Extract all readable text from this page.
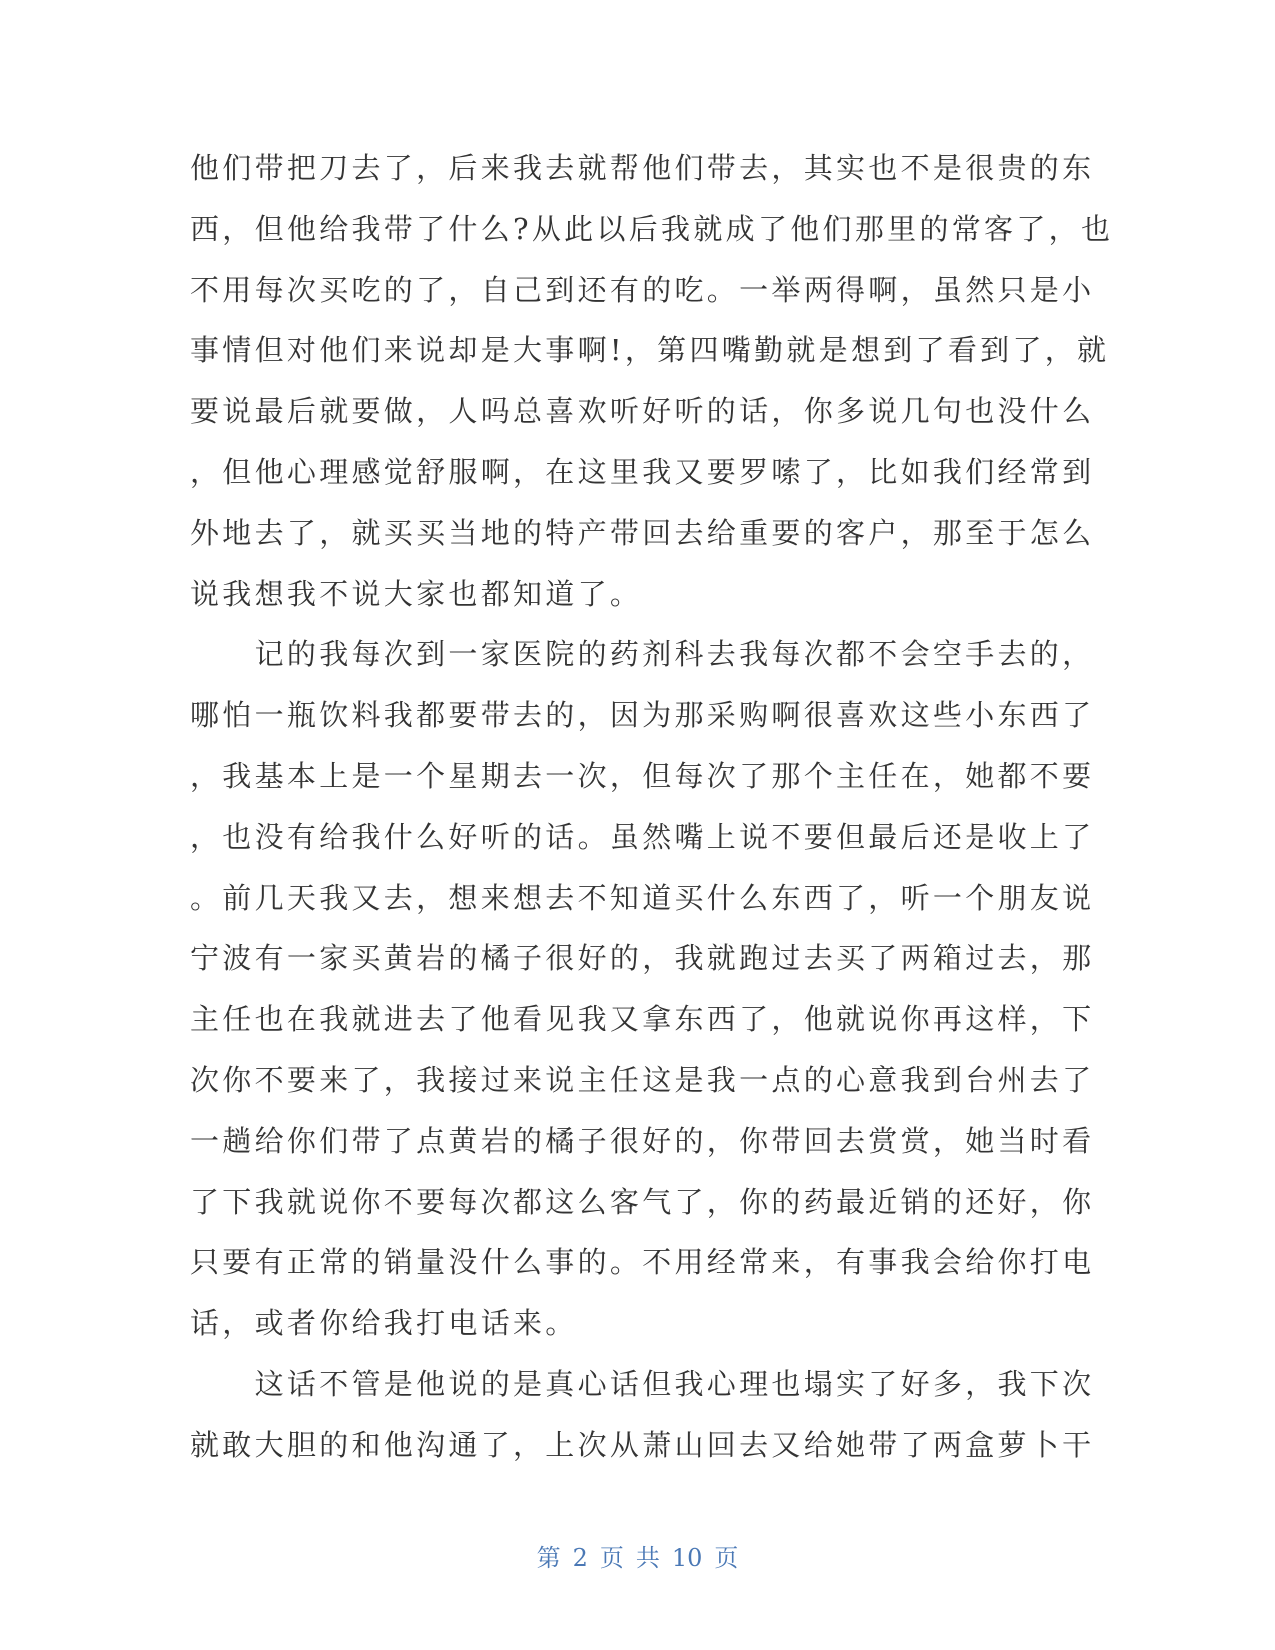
他们带把刀去了，后来我去就帮他们带去，其实也不是很贵的东
西，但他给我带了什么?从此以后我就成了他们那里的常客了，也
不用每次买吃的了，自己到还有的吃。一举两得啊，虽然只是小
事情但对他们来说却是大事啊!，第四嘴勤就是想到了看到了，就
要说最后就要做，人吗总喜欢听好听的话，你多说几句也没什么
，但他心理感觉舒服啊，在这里我又要罗嗦了，比如我们经常到
外地去了，就买买当地的特产带回去给重要的客户，那至于怎么
说我想我不说大家也都知道了。
　　记的我每次到一家医院的药剂科去我每次都不会空手去的，
哪怕一瓶饮料我都要带去的，因为那采购啊很喜欢这些小东西了
，我基本上是一个星期去一次，但每次了那个主任在，她都不要
，也没有给我什么好听的话。虽然嘴上说不要但最后还是收上了
。前几天我又去，想来想去不知道买什么东西了，听一个朋友说
宁波有一家买黄岩的橘子很好的，我就跑过去买了两箱过去，那
主任也在我就进去了他看见我又拿东西了，他就说你再这样，下
次你不要来了，我接过来说主任这是我一点的心意我到台州去了
一趟给你们带了点黄岩的橘子很好的，你带回去赏赏，她当时看
了下我就说你不要每次都这么客气了，你的药最近销的还好，你
只要有正常的销量没什么事的。不用经常来，有事我会给你打电
话，或者你给我打电话来。
　　这话不管是他说的是真心话但我心理也塌实了好多，我下次
就敢大胆的和他沟通了，上次从萧山回去又给她带了两盒萝卜干
第 2 页 共 10 页
